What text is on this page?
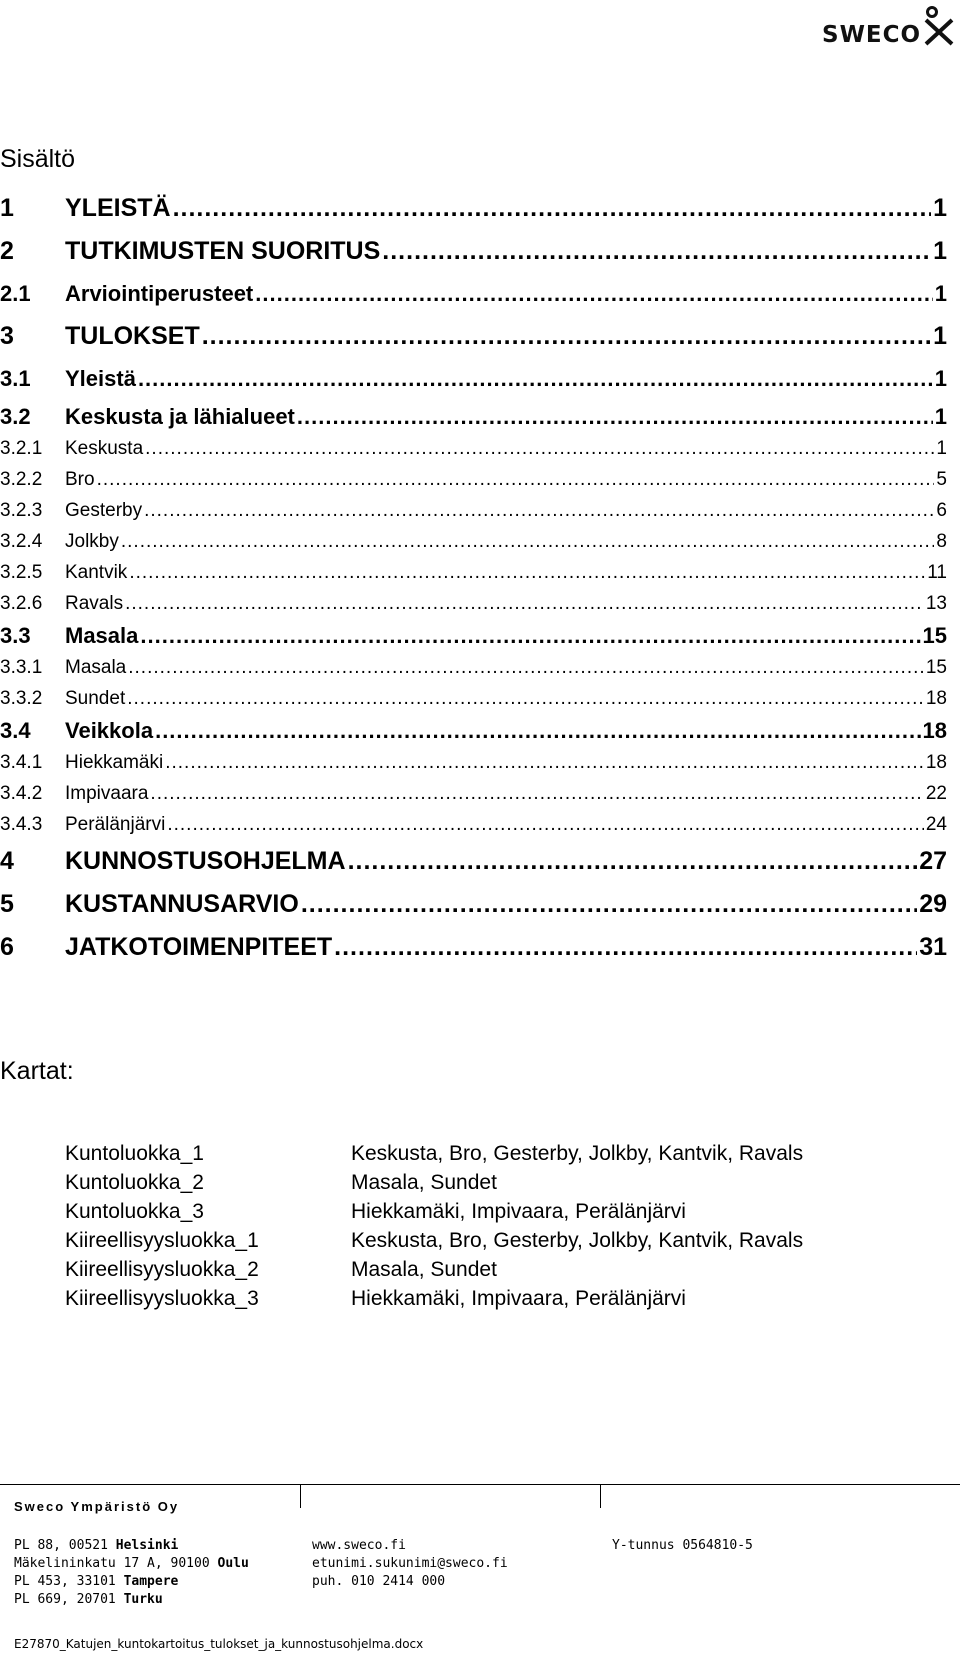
SWECO
Sisältö
1	YLEISTÄ .....	1
2	TUTKIMUSTEN SUORITUS .....	1
2.1	Arviointiperusteet .....	1
3	TULOKSET .....	1
3.1	Yleistä .....	1
3.2	Keskusta ja lähialueet .....	1
3.2.1	Keskusta .....	1
3.2.2	Bro .....	5
3.2.3	Gesterby .....	6
3.2.4	Jolkby .....	8
3.2.5	Kantvik .....	11
3.2.6	Ravals .....	13
3.3	Masala .....	15
3.3.1	Masala .....	15
3.3.2	Sundet .....	18
3.4	Veikkola .....	18
3.4.1	Hiekkamäki .....	18
3.4.2	Impivaara .....	22
3.4.3	Perälänjärvi .....	24
4	KUNNOSTUSOHJELMA .....	27
5	KUSTANNUSARVIO .....	29
6	JATKOTOIMENPITEET .....	31
Kartat:
Kuntoluokka_1	Keskusta, Bro, Gesterby, Jolkby, Kantvik, Ravals
Kuntoluokka_2	Masala, Sundet
Kuntoluokka_3	Hiekkamäki, Impivaara, Perälänjärvi
Kiireellisyysluokka_1	Keskusta, Bro, Gesterby, Jolkby, Kantvik, Ravals
Kiireellisyysluokka_2	Masala, Sundet
Kiireellisyysluokka_3	Hiekkamäki, Impivaara, Perälänjärvi
Sweco Ympäristö Oy
PL 88, 00521 Helsinki
Mäkelininkatu 17 A, 90100 Oulu
PL 453, 33101 Tampere
PL 669, 20701 Turku
www.sweco.fi
etunimi.sukunimi@sweco.fi
puh. 010 2414 000
Y-tunnus 0564810-5
E27870_Katujen_kuntokartoitus_tulokset_ja_kunnostusohjelma.docx
